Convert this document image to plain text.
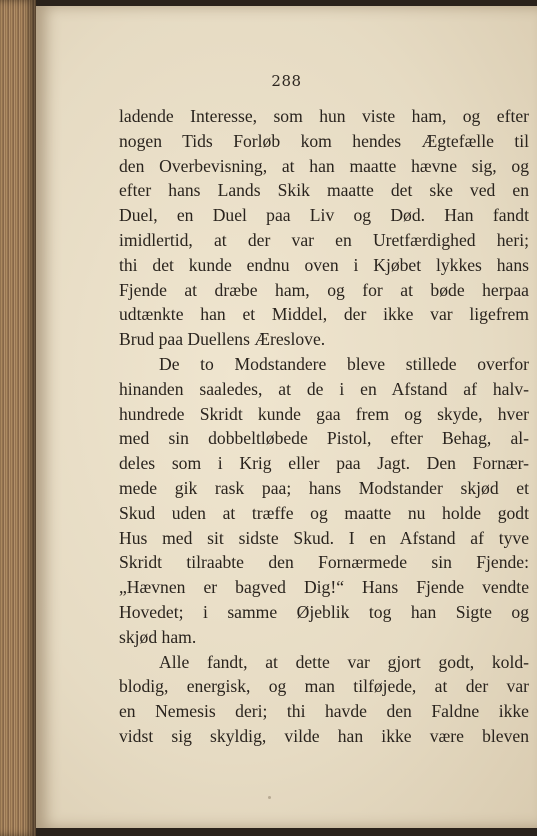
288
ladende Interesse, som hun viste ham, og efter
nogen Tids Forløb kom hendes Ægtefælle til
den Overbevisning, at han maatte hævne sig, og
efter hans Lands Skik maatte det ske ved en
Duel, en Duel paa Liv og Død. Han fandt
imidlertid, at der var en Uretfærdighed heri;
thi det kunde endnu oven i Kjøbet lykkes hans
Fjende at dræbe ham, og for at bøde herpaa
udtænkte han et Middel, der ikke var ligefrem
Brud paa Duellens Æreslove.
De to Modstandere bleve stillede overfor
hinanden saaledes, at de i en Afstand af halv-
hundrede Skridt kunde gaa frem og skyde, hver
med sin dobbeltløbede Pistol, efter Behag, al-
deles som i Krig eller paa Jagt. Den Fornær-
mede gik rask paa; hans Modstander skjød et
Skud uden at træffe og maatte nu holde godt
Hus med sit sidste Skud. I en Afstand af tyve
Skridt tilraabte den Fornærmede sin Fjende:
„Hævnen er bagved Dig!“ Hans Fjende vendte
Hovedet; i samme Øjeblik tog han Sigte og
skjød ham.
Alle fandt, at dette var gjort godt, kold-
blodig, energisk, og man tilføjede, at der var
en Nemesis deri; thi havde den Faldne ikke
vidst sig skyldig, vilde han ikke være bleven
